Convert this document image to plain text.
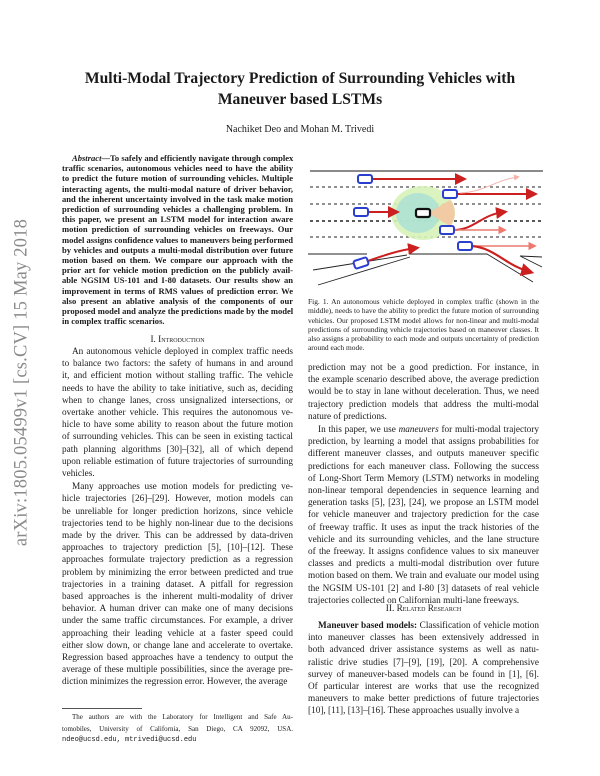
arXiv:1805.05499v1 [cs.CV] 15 May 2018
Multi-Modal Trajectory Prediction of Surrounding Vehicles with
Maneuver based LSTMs
Nachiket Deo and Mohan M. Trivedi
Abstract—To safely and efficiently navigate through complex
traffic scenarios, autonomous vehicles need to have the ability
to predict the future motion of surrounding vehicles. Multiple
interacting agents, the multi-modal nature of driver behavior,
and the inherent uncertainty involved in the task make motion
prediction of surrounding vehicles a challenging problem. In
this paper, we present an LSTM model for interaction aware
motion prediction of surrounding vehicles on freeways. Our
model assigns confidence values to maneuvers being performed
by vehicles and outputs a multi-modal distribution over future
motion based on them. We compare our approach with the
prior art for vehicle motion prediction on the publicly avail-
able NGSIM US-101 and I-80 datasets. Our results show an
improvement in terms of RMS values of prediction error. We
also present an ablative analysis of the components of our
proposed model and analyze the predictions made by the model
in complex traffic scenarios.
I. Introduction
An autonomous vehicle deployed in complex traffic needs
to balance two factors: the safety of humans in and around
it, and efficient motion without stalling traffic. The vehicle
needs to have the ability to take initiative, such as, deciding
when to change lanes, cross unsignalized intersections, or
overtake another vehicle. This requires the autonomous ve-
hicle to have some ability to reason about the future motion
of surrounding vehicles. This can be seen in existing tactical
path planning algorithms [30]–[32], all of which depend
upon reliable estimation of future trajectories of surrounding
vehicles.
Many approaches use motion models for predicting ve-
hicle trajectories [26]–[29]. However, motion models can
be unreliable for longer prediction horizons, since vehicle
trajectories tend to be highly non-linear due to the decisions
made by the driver. This can be addressed by data-driven
approaches to trajectory prediction [5], [10]–[12]. These
approaches formulate trajectory prediction as a regression
problem by minimizing the error between predicted and true
trajectories in a training dataset. A pitfall for regression
based approaches is the inherent multi-modality of driver
behavior. A human driver can make one of many decisions
under the same traffic circumstances. For example, a driver
approaching their leading vehicle at a faster speed could
either slow down, or change lane and accelerate to overtake.
Regression based approaches have a tendency to output the
average of these multiple possibilities, since the average pre-
diction minimizes the regression error. However, the average
The authors are with the Laboratory for Intelligent and Safe Au-
tomobiles, University of California, San Diego, CA 92092, USA.
ndeo@ucsd.edu, mtrivedi@ucsd.edu
Fig. 1. An autonomous vehicle deployed in complex traffic (shown in the
middle), needs to have the ability to predict the future motion of surrounding
vehicles. Our proposed LSTM model allows for non-linear and multi-modal
predictions of surrounding vehicle trajectories based on maneuver classes. It
also assigns a probability to each mode and outputs uncertainty of prediction
around each mode.
prediction may not be a good prediction. For instance, in
the example scenario described above, the average prediction
would be to stay in lane without deceleration. Thus, we need
trajectory prediction models that address the multi-modal
nature of predictions.
In this paper, we use maneuvers for multi-modal trajectory
prediction, by learning a model that assigns probabilities for
different maneuver classes, and outputs maneuver specific
predictions for each maneuver class. Following the success
of Long-Short Term Memory (LSTM) networks in modeling
non-linear temporal dependencies in sequence learning and
generation tasks [5], [23], [24], we propose an LSTM model
for vehicle maneuver and trajectory prediction for the case
of freeway traffic. It uses as input the track histories of the
vehicle and its surrounding vehicles, and the lane structure
of the freeway. It assigns confidence values to six maneuver
classes and predicts a multi-modal distribution over future
motion based on them. We train and evaluate our model using
the NGSIM US-101 [2] and I-80 [3] datasets of real vehicle
trajectories collected on Californian multi-lane freeways.
II. Related Research
Maneuver based models: Classification of vehicle motion
into maneuver classes has been extensively addressed in
both advanced driver assistance systems as well as natu-
ralistic drive studies [7]–[9], [19], [20]. A comprehensive
survey of maneuver-based models can be found in [1], [6].
Of particular interest are works that use the recognized
maneuvers to make better predictions of future trajectories
[10], [11], [13]–[16]. These approaches usually involve a
